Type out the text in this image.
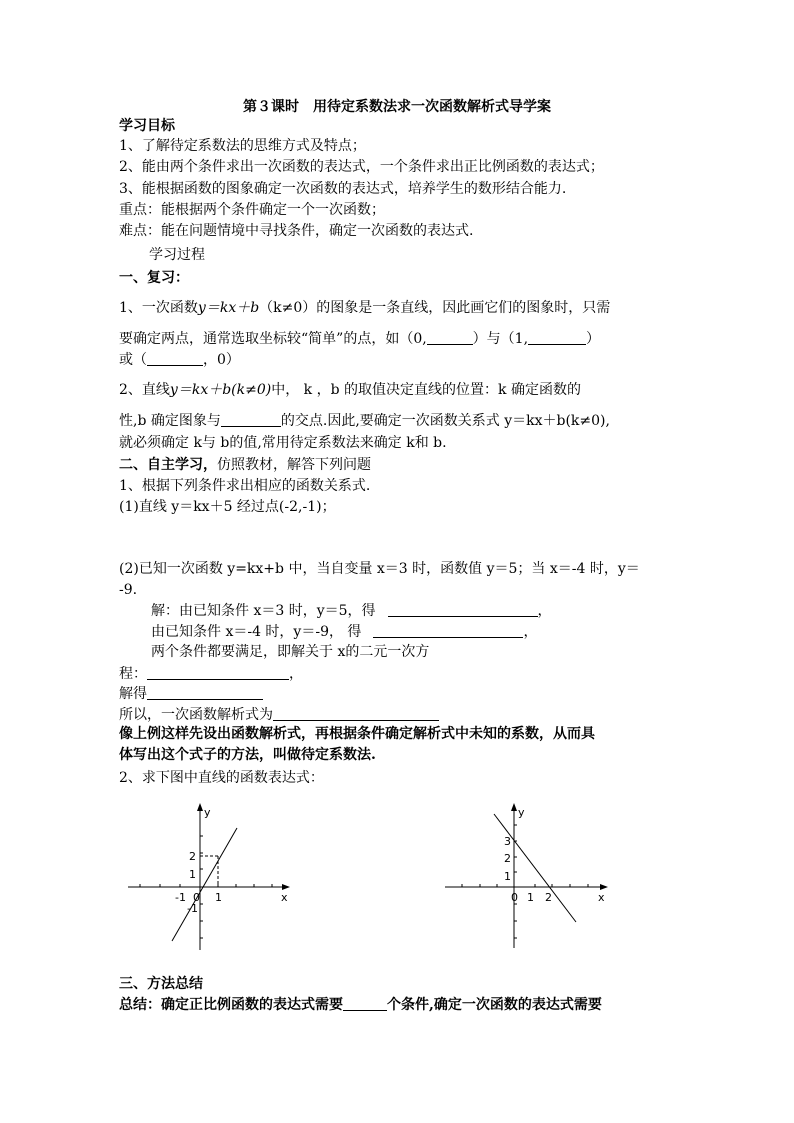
第３课时　用待定系数法求一次函数解析式导学案
学习目标
1、了解待定系数法的思维方式及特点；
2、能由两个条件求出一次函数的表达式，一个条件求出正比例函数的表达式；
3、能根据函数的图象确定一次函数的表达式，培养学生的数形结合能力.
重点：能根据两个条件确定一个一次函数；
难点：能在问题情境中寻找条件，确定一次函数的表达式.
学习过程
一、复习：
1、一次函数y＝kx＋b（k≠0）的图象是一条直线，因此画它们的图象时，只需
要确定两点，通常选取坐标较“简单”的点，如（0,	）与（1,	）
或（	，0）
2、直线y＝kx＋b(k≠0)中， k ，b 的取值决定直线的位置：k 确定函数的
性,b 确定图象与	的交点.因此,要确定一次函数关系式 y＝kx＋b(k≠0),
就必须确定 k与 b的值,常用待定系数法来确定 k和 b.
二、自主学习，仿照教材，解答下列问题
1、根据下列条件求出相应的函数关系式.
(1)直线 y＝kx＋5 经过点(-2,-1)；
(2)已知一次函数 y=kx+b 中，当自变量 x＝3 时，函数值 y＝5；当 x＝-4 时，y＝
-9.
解：由已知条件 x＝3 时，y＝5，得	，
由已知条件 x＝-4 时，y＝-9， 得	，
两个条件都要满足，即解关于 x的二元一次方
程：	，
解得
所以，一次函数解析式为
像上例这样先设出函数解析式，再根据条件确定解析式中未知的系数，从而具
体写出这个式子的方法，叫做待定系数法.
2、求下图中直线的函数表达式：
y
x
2
1
-1 0 1
-1
y
x
3
2
1
0 1 2
三、方法总结
总结：确定正比例函数的表达式需要	个条件,确定一次函数的表达式需要
